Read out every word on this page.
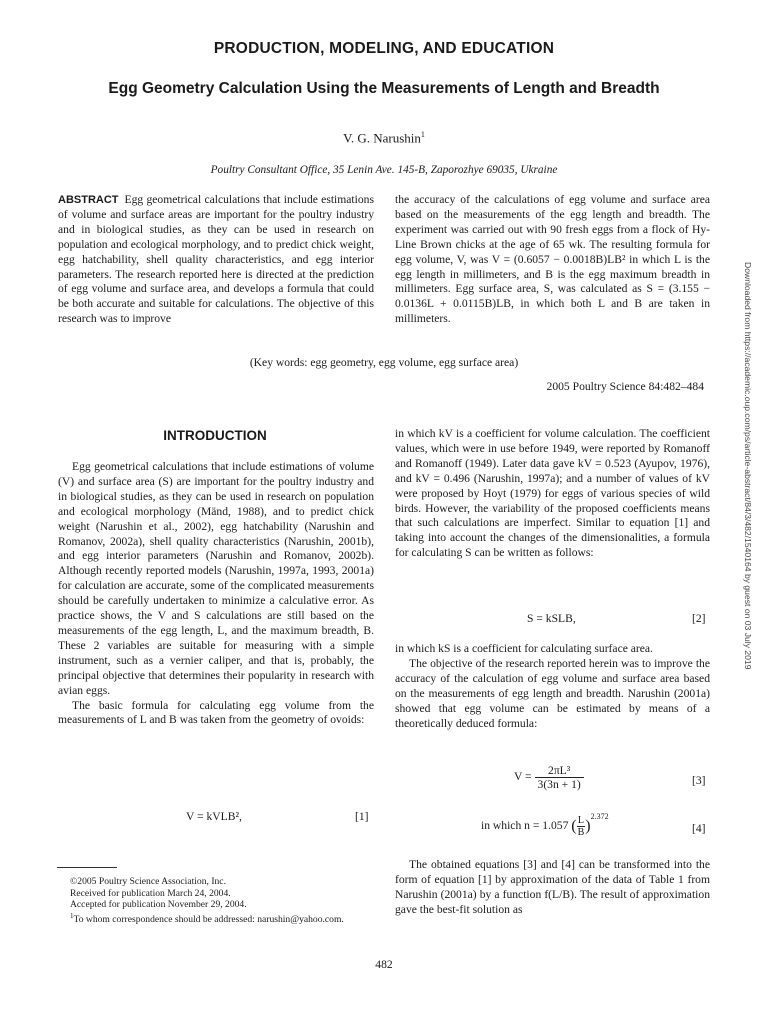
PRODUCTION, MODELING, AND EDUCATION
Egg Geometry Calculation Using the Measurements of Length and Breadth
V. G. Narushin$^1$
Poultry Consultant Office, 35 Lenin Ave. 145-B, Zaporozhye 69035, Ukraine

ABSTRACT Egg geometrical calculations that include estimations of volume and surface areas are important for the poultry industry and in biological studies, as they can be used in research on population and ecological morphology, and to predict chick weight, egg hatchability, shell quality characteristics, and egg interior parameters. The research reported here is directed at the prediction of egg volume and surface area, and develops a formula that could be both accurate and suitable for calculations. The objective of this research was to improve

the accuracy of the calculations of egg volume and surface area based on the measurements of the egg length and breadth. The experiment was carried out with 90 fresh eggs from a flock of Hy-Line Brown chicks at the age of 65 wk. The resulting formula for egg volume, V, was V = (0.6057 − 0.0018B)LB² in which L is the egg length in millimeters, and B is the egg maximum breadth in millimeters. Egg surface area, S, was calculated as S = (3.155 − 0.0136L + 0.0115B)LB, in which both L and B are taken in millimeters.

(Key words: egg geometry, egg volume, egg surface area)
2005 Poultry Science 84:482–484
INTRODUCTION

Egg geometrical calculations that include estimations of volume (V) and surface area (S) are important for the poultry industry and in biological studies, as they can be used in research on population and ecological morphology (Mänd, 1988), and to predict chick weight (Narushin et al., 2002), egg hatchability (Narushin and Romanov, 2002a), shell quality characteristics (Narushin, 2001b), and egg interior parameters (Narushin and Romanov, 2002b). Although recently reported models (Narushin, 1997a, 1993, 2001a) for calculation are accurate, some of the complicated measurements should be carefully undertaken to minimize a calculative error. As practice shows, the V and S calculations are still based on the measurements of the egg length, L, and the maximum breadth, B. These 2 variables are suitable for measuring with a simple instrument, such as a vernier caliper, and that is, probably, the principal objective that determines their popularity in research with avian eggs.

The basic formula for calculating egg volume from the measurements of L and B was taken from the geometry of ovoids:

V = kVLB²,	[1]

©2005 Poultry Science Association, Inc.

Received for publication March 24, 2004.

Accepted for publication November 29, 2004.

$^1$To whom correspondence should be addressed: narushin@yahoo.com.

in which kV is a coefficient for volume calculation. The coefficient values, which were in use before 1949, were reported by Romanoff and Romanoff (1949). Later data gave kV = 0.523 (Ayupov, 1976), and kV = 0.496 (Narushin, 1997a); and a number of values of kV were proposed by Hoyt (1979) for eggs of various species of wild birds. However, the variability of the proposed coefficients means that such calculations are imperfect. Similar to equation [1] and taking into account the changes of the dimensionalities, a formula for calculating S can be written as follows:

S = kSLB,	[2]

in which kS is a coefficient for calculating surface area.

The objective of the research reported herein was to improve the accuracy of the calculation of egg volume and surface area based on the measurements of egg length and breadth. Narushin (2001a) showed that egg volume can be estimated by means of a theoretically deduced formula:

$V = \frac{\text{2πL³}}{3(3n + 1)}$	[3]
in which n = 1.057 ( $\frac{L}{B} )^{2.372}$
[4]

The obtained equations [3] and [4] can be transformed into the form of equation [1] by approximation of the data of Table 1 from Narushin (2001a) by a function f(L/B). The result of approximation gave the best-fit solution as

482
Downloaded from https://academic.oup.com/ps/article-abstract/84/3/482/1540164 by guest on 03 July 2019
